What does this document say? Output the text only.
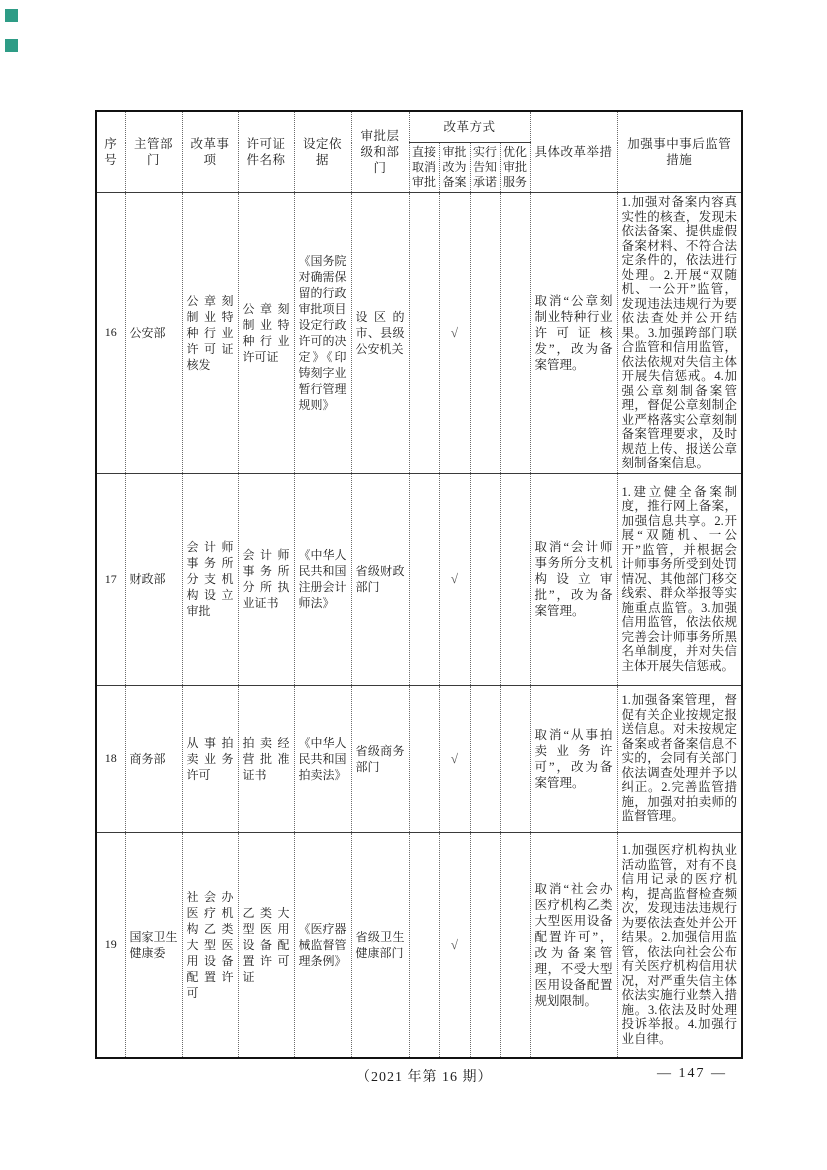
序号	主管部门	改革事项	许可证件名称	设定依据	审批层级和部门	改革方式				具体改革举措	加强事中事后监管措施
						直接取消审批	审批改为备案	实行告知承诺	优化审批服务		
16	公安部	公章刻制业特种行业许可证核发	公章刻制业特种行业许可证	《国务院对确需保留的行政审批项目设定行政许可的决定》《印铸刻字业暂行管理规则》	设区的市、县级公安机关		√			取消“公章刻制业特种行业许可证核发”，改为备案管理。	1.加强对备案内容真实性的核查，发现未依法备案、提供虚假备案材料、不符合法定条件的，依法进行处理。2.开展“双随机、一公开”监管，发现违法违规行为要依法查处并公开结果。3.加强跨部门联合监管和信用监管，依法依规对失信主体开展失信惩戒。4.加强公章刻制备案管理，督促公章刻制企业严格落实公章刻制备案管理要求，及时规范上传、报送公章刻制备案信息。
17	财政部	会计师事务所分支机构设立审批	会计师事务所分所执业证书	《中华人民共和国注册会计师法》	省级财政部门		√			取消“会计师事务所分支机构设立审批”，改为备案管理。	1.建立健全备案制度，推行网上备案，加强信息共享。2.开展“双随机、一公开”监管，并根据会计师事务所受到处罚情况、其他部门移交线索、群众举报等实施重点监管。3.加强信用监管，依法依规完善会计师事务所黑名单制度，并对失信主体开展失信惩戒。
18	商务部	从事拍卖业务许可	拍卖经营批准证书	《中华人民共和国拍卖法》	省级商务部门		√			取消“从事拍卖业务许可”，改为备案管理。	1.加强备案管理，督促有关企业按规定报送信息。对未按规定备案或者备案信息不实的，会同有关部门依法调查处理并予以纠正。2.完善监管措施，加强对拍卖师的监督管理。
19	国家卫生健康委	社会办医疗机构乙类大型医用设备配置许可	乙类大型医用设备配置许可证	《医疗器械监督管理条例》	省级卫生健康部门		√			取消“社会办医疗机构乙类大型医用设备配置许可”，改为备案管理，不受大型医用设备配置规划限制。	1.加强医疗机构执业活动监管，对有不良信用记录的医疗机构，提高监督检查频次，发现违法违规行为要依法查处并公开结果。2.加强信用监管，依法向社会公布有关医疗机构信用状况，对严重失信主体依法实施行业禁入措施。3.依法及时处理投诉举报。4.加强行业自律。
（2021 年第 16 期）	— 147 —
